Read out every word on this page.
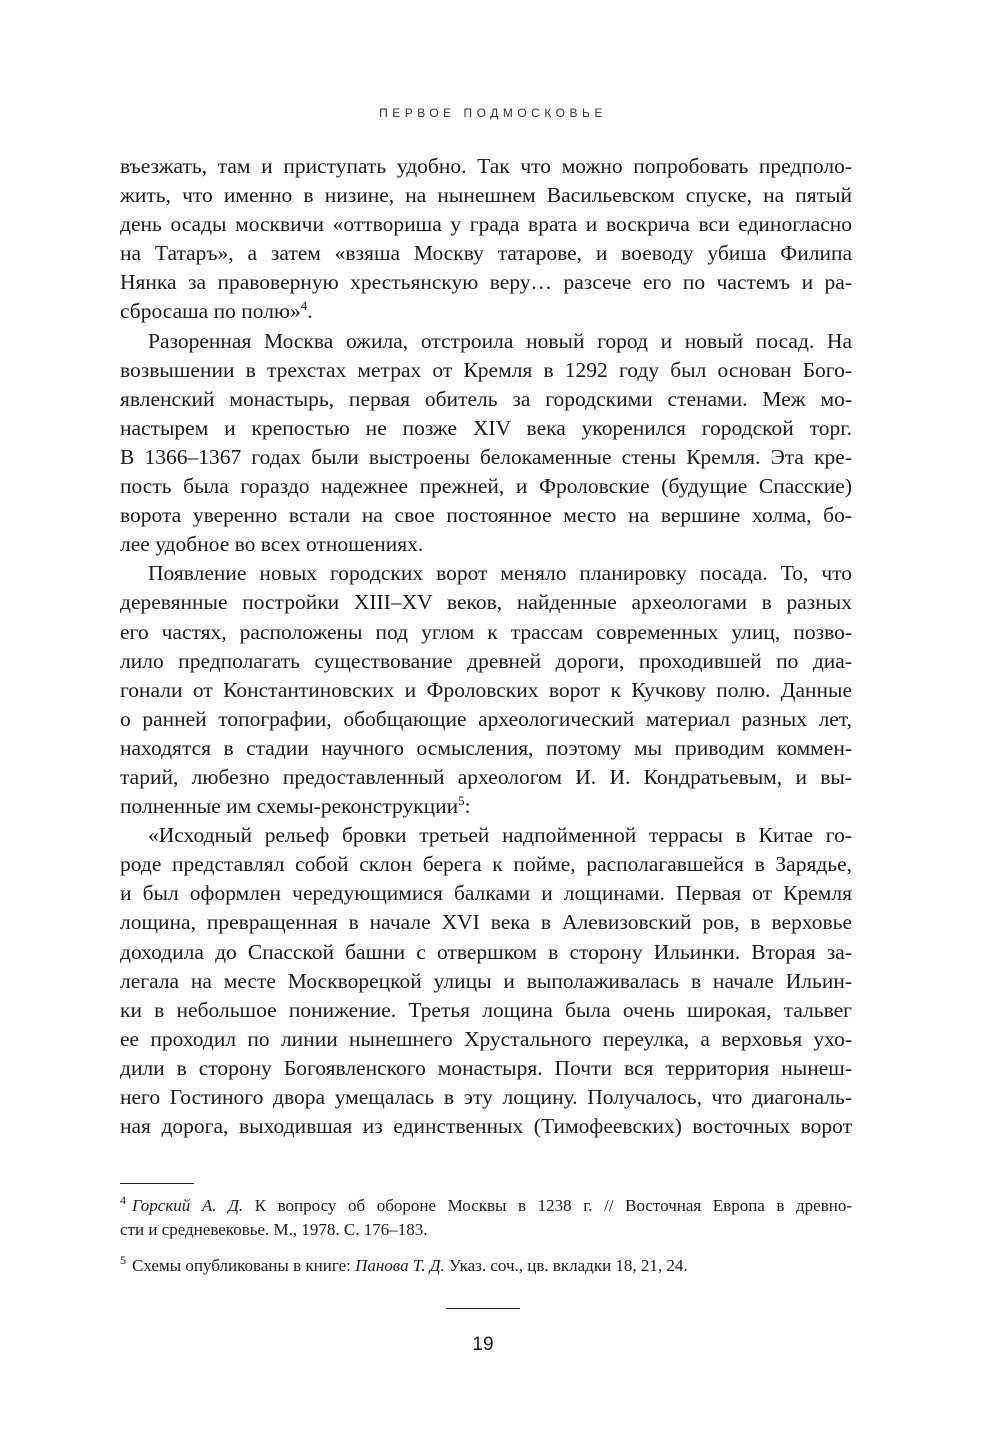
ПЕРВОЕ ПОДМОСКОВЬЕ
въезжать, там и приступать удобно. Так что можно попробовать предполо-
жить, что именно в низине, на нынешнем Васильевском спуске, на пятый
день осады москвичи «оттвориша у града врата и воскрича вси единогласно
на Татаръ», а затем «взяша Москву татарове, и воеводу убиша Филипа
Нянка за правоверную хрестьянскую веру… разсече его по частемъ и ра-
сбросаша по полю»$^4$.
Разоренная Москва ожила, отстроила новый город и новый посад. На
возвышении в трехстах метрах от Кремля в 1292 году был основан Бого-
явленский монастырь, первая обитель за городскими стенами. Меж мо-
настырем и крепостью не позже XIV века укоренился городской торг.
В 1366–1367 годах были выстроены белокаменные стены Кремля. Эта кре-
пость была гораздо надежнее прежней, и Фроловские (будущие Спасские)
ворота уверенно встали на свое постоянное место на вершине холма, бо-
лее удобное во всех отношениях.
Появление новых городских ворот меняло планировку посада. То, что
деревянные постройки XIII–XV веков, найденные археологами в разных
его частях, расположены под углом к трассам современных улиц, позво-
лило предполагать существование древней дороги, проходившей по диа-
гонали от Константиновских и Фроловских ворот к Кучкову полю. Данные
о ранней топографии, обобщающие археологический материал разных лет,
находятся в стадии научного осмысления, поэтому мы приводим коммен-
тарий, любезно предоставленный археологом И. И. Кондратьевым, и вы-
полненные им схемы-реконструкции$^5$:
«Исходный рельеф бровки третьей надпойменной террасы в Китае го-
роде представлял собой склон берега к пойме, располагавшейся в Зарядье,
и был оформлен чередующимися балками и лощинами. Первая от Кремля
лощина, превращенная в начале XVI века в Алевизовский ров, в верховье
доходила до Спасской башни с отвершком в сторону Ильинки. Вторая за-
легала на месте Москворецкой улицы и выполаживалась в начале Ильин-
ки в небольшое понижение. Третья лощина была очень широкая, тальвег
ее проходил по линии нынешнего Хрустального переулка, а верховья ухо-
дили в сторону Богоявленского монастыря. Почти вся территория нынеш-
него Гостиного двора умещалась в эту лощину. Получалось, что диагональ-
ная дорога, выходившая из единственных (Тимофеевских) восточных ворот
$^4$ Горский А. Д. К вопросу об обороне Москвы в 1238 г. // Восточная Европа в древно-
сти и средневековье. М., 1978. С. 176–183.
$^5$ Схемы опубликованы в книге: Панова Т. Д. Указ. соч., цв. вкладки 18, 21, 24.
19
